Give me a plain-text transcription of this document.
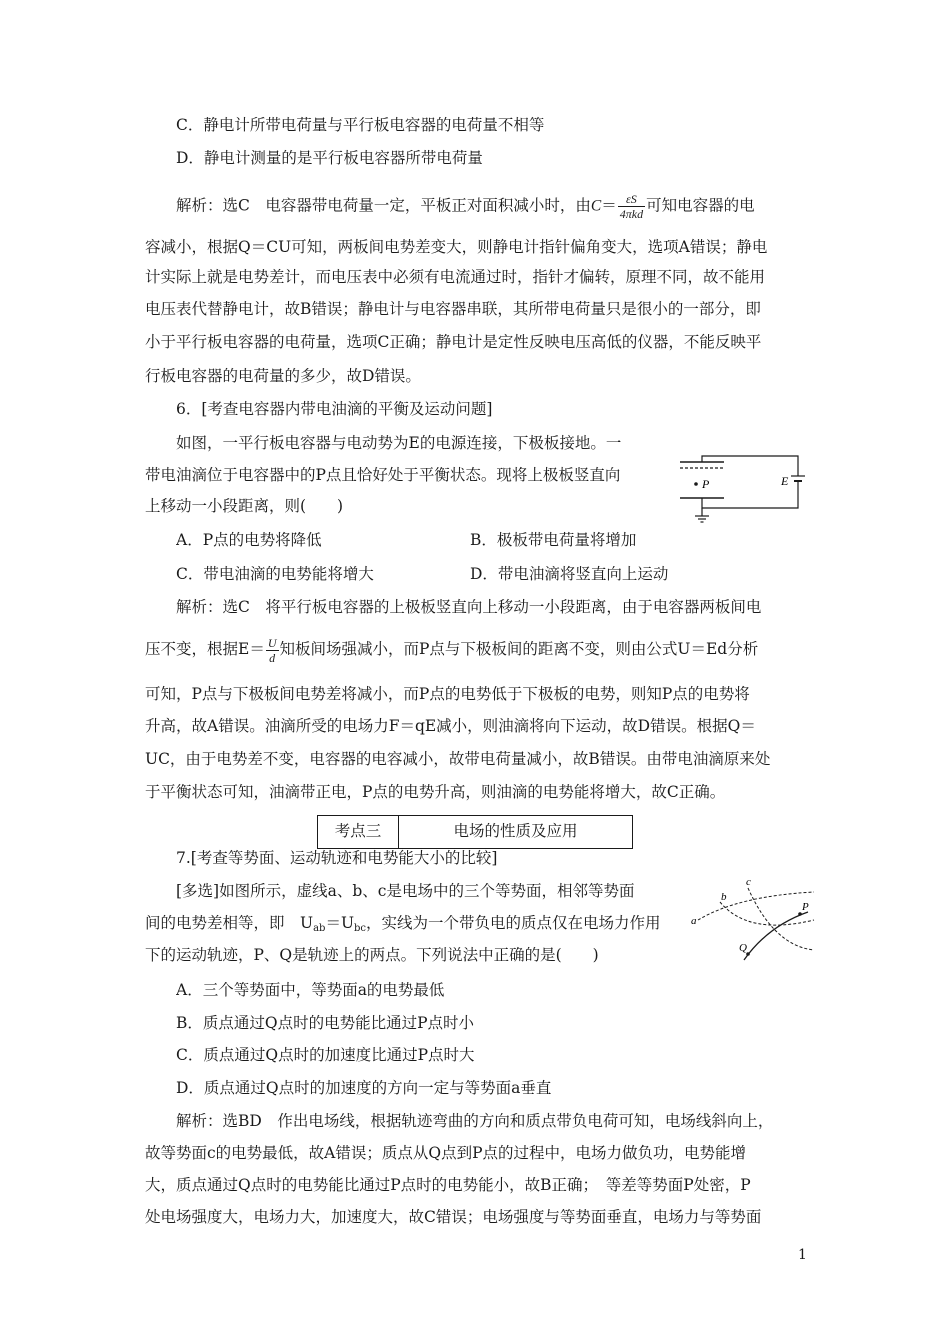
C．静电计所带电荷量与平行板电容器的电荷量不相等
D．静电计测量的是平行板电容器所带电荷量
解析：选C　电容器带电荷量一定，平板正对面积减小时，由$C= \frac{\varepsilon S}{\text{4πkd}}$ 可知电容器的电
容减小，根据Q＝CU可知，两板间电势差变大，则静电计指针偏角变大，选项A错误；静电
计实际上就是电势差计，而电压表中必须有电流通过时，指针才偏转，原理不同，故不能用
电压表代替静电计，故B错误；静电计与电容器串联，其所带电荷量只是很小的一部分，即
小于平行板电容器的电荷量，选项C正确；静电计是定性反映电压高低的仪器，不能反映平
行板电容器的电荷量的多少，故D错误。
6．[考查电容器内带电油滴的平衡及运动问题]
如图，一平行板电容器与电动势为E的电源连接，下极板接地。一
带电油滴位于电容器中的P点且恰好处于平衡状态。现将上极板竖直向
上移动一小段距离，则(　　)
P	E
A．P点的电势将降低	B．极板带电荷量将增加
C．带电油滴的电势能将增大	D．带电油滴将竖直向上运动
解析：选C　将平行板电容器的上极板竖直向上移动一小段距离，由于电容器两板间电
压不变，根据$E= \frac{U}{d}$ 知板间场强减小，而P点与下极板间的距离不变，则由公式U＝Ed分析
可知，P点与下极板间电势差将减小，而P点的电势低于下极板的电势，则知P点的电势将
升高，故A错误。油滴所受的电场力F＝qE减小，则油滴将向下运动，故D错误。根据Q＝
UC，由于电势差不变，电容器的电容减小，故带电荷量减小，故B错误。由带电油滴原来处
于平衡状态可知，油滴带正电，P点的电势升高，则油滴的电势能将增大，故C正确。
考点三	电场的性质及应用
7.[考查等势面、运动轨迹和电势能大小的比较]
[多选]如图所示，虚线a、b、c是电场中的三个等势面，相邻等势面
间的电势差相等，即　$U_{ab}=U_{bc}$，实线为一个带负电的质点仅在电场力作用
下的运动轨迹，P、Q是轨迹上的两点。下列说法中正确的是(　　)
a
b
c
P
Q
A．三个等势面中，等势面a的电势最低
B．质点通过Q点时的电势能比通过P点时小
C．质点通过Q点时的加速度比通过P点时大
D．质点通过Q点时的加速度的方向一定与等势面a垂直
解析：选BD　作出电场线，根据轨迹弯曲的方向和质点带负电荷可知，电场线斜向上，
故等势面c的电势最低，故A错误；质点从Q点到P点的过程中，电场力做负功，电势能增
大，质点通过Q点时的电势能比通过P点时的电势能小，故B正确；　等差等势面P处密，P
处电场强度大，电场力大，加速度大，故C错误；电场强度与等势面垂直，电场力与等势面
1
